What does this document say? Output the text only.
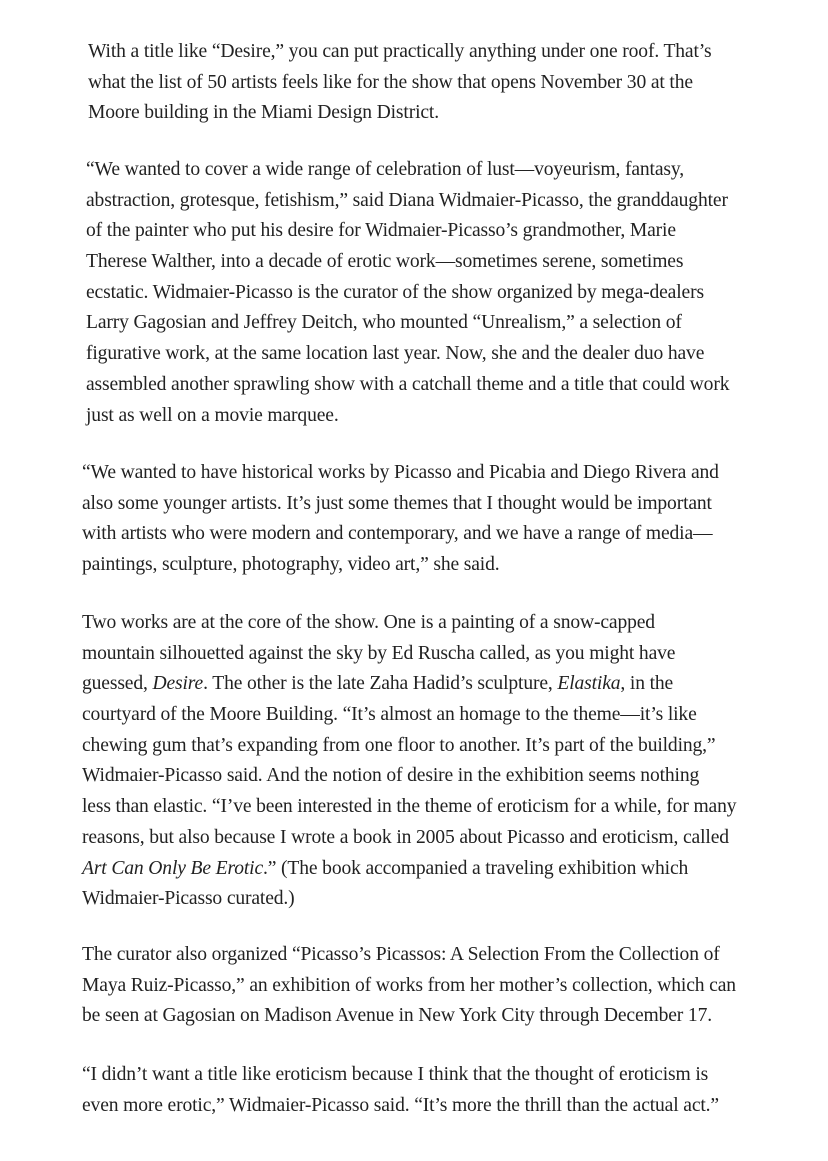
With a title like “Desire,” you can put practically anything under one roof. That’s
what the list of 50 artists feels like for the show that opens November 30 at the
Moore building in the Miami Design District.

“We wanted to cover a wide range of celebration of lust—voyeurism, fantasy,
abstraction, grotesque, fetishism,” said Diana Widmaier-Picasso, the granddaughter
of the painter who put his desire for Widmaier-Picasso’s grandmother, Marie
Therese Walther, into a decade of erotic work—sometimes serene, sometimes
ecstatic. Widmaier-Picasso is the curator of the show organized by mega-dealers
Larry Gagosian and Jeffrey Deitch, who mounted “Unrealism,” a selection of
figurative work, at the same location last year. Now, she and the dealer duo have
assembled another sprawling show with a catchall theme and a title that could work
just as well on a movie marquee.

“We wanted to have historical works by Picasso and Picabia and Diego Rivera and
also some younger artists. It’s just some themes that I thought would be important
with artists who were modern and contemporary, and we have a range of media—
paintings, sculpture, photography, video art,” she said.

Two works are at the core of the show. One is a painting of a snow-capped
mountain silhouetted against the sky by Ed Ruscha called, as you might have
guessed, Desire. The other is the late Zaha Hadid’s sculpture, Elastika, in the
courtyard of the Moore Building. “It’s almost an homage to the theme—it’s like
chewing gum that’s expanding from one floor to another. It’s part of the building,”
Widmaier-Picasso said. And the notion of desire in the exhibition seems nothing
less than elastic. “I’ve been interested in the theme of eroticism for a while, for many
reasons, but also because I wrote a book in 2005 about Picasso and eroticism, called
Art Can Only Be Erotic.” (The book accompanied a traveling exhibition which
Widmaier-Picasso curated.)

The curator also organized “Picasso’s Picassos: A Selection From the Collection of
Maya Ruiz-Picasso,” an exhibition of works from her mother’s collection, which can
be seen at Gagosian on Madison Avenue in New York City through December 17.

“I didn’t want a title like eroticism because I think that the thought of eroticism is
even more erotic,” Widmaier-Picasso said. “It’s more the thrill than the actual act.”
